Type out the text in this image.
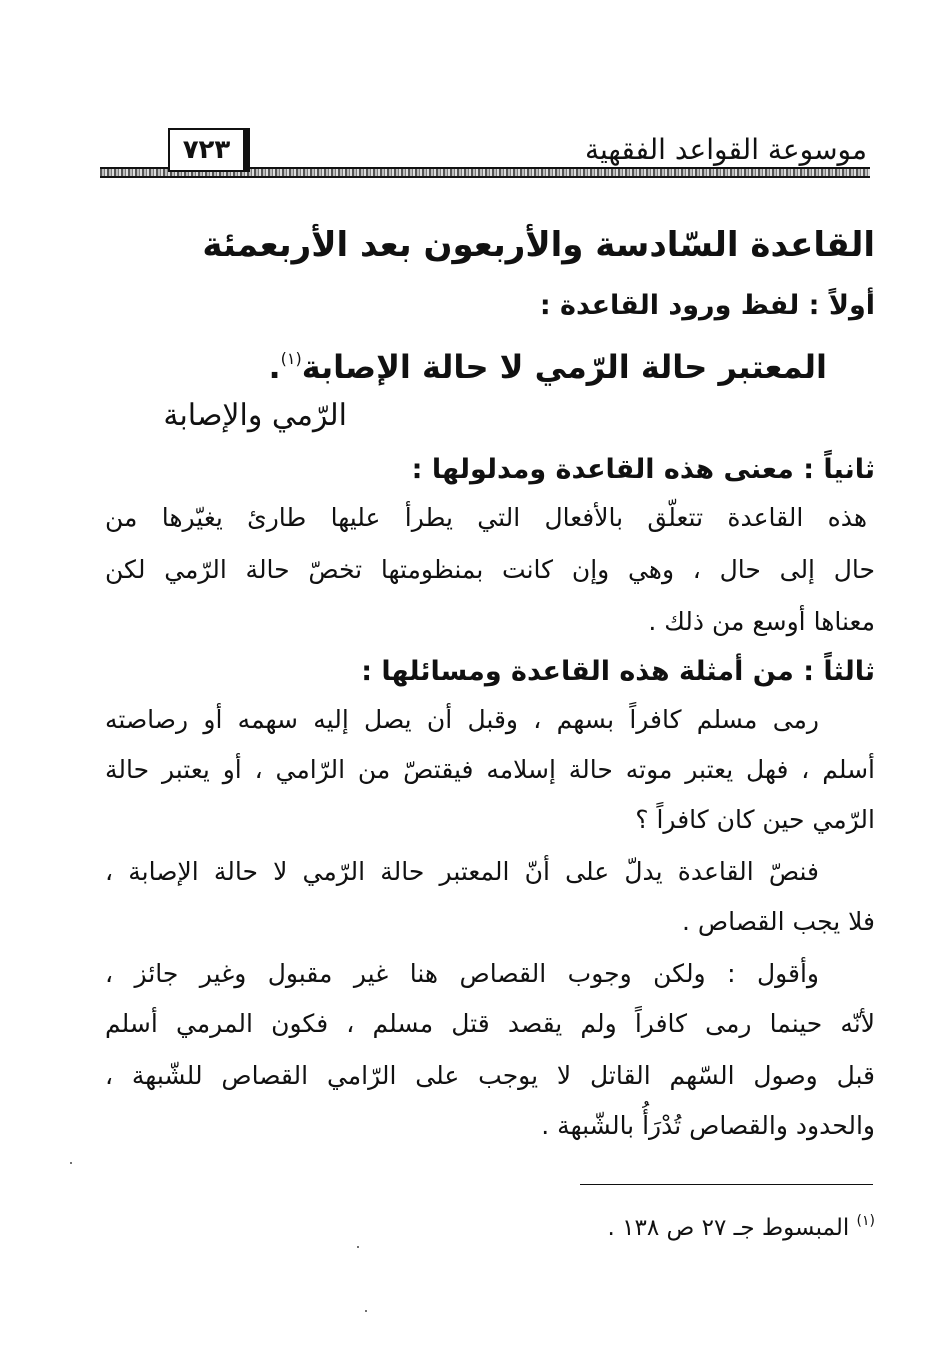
موسوعة القواعد الفقهية
٧٢٣
القاعدة السّادسة والأربعون بعد الأربعمئة
أولاً : لفظ ورود القاعدة :
المعتبر حالة الرّمي لا حالة الإصابة$^{(١)}$.
الرّمي والإصابة
ثانياً : معنى هذه القاعدة ومدلولها :
هذه القاعدة تتعلّق بالأفعال التي يطرأ عليها طارئ يغيّرها من
حال إلى حال ، وهي وإن كانت بمنظومتها تخصّ حالة الرّمي لكن
معناها أوسع من ذلك .
ثالثاً : من أمثلة هذه القاعدة ومسائلها :
رمى مسلم كافراً بسهم ، وقبل أن يصل إليه سهمه أو رصاصته
أسلم ، فهل يعتبر موته حالة إسلامه فيقتصّ من الرّامي ، أو يعتبر حالة
الرّمي حين كان كافراً ؟
فنصّ القاعدة يدلّ على أنّ المعتبر حالة الرّمي لا حالة الإصابة ،
فلا يجب القصاص .
وأقول : ولكن وجوب القصاص هنا غير مقبول وغير جائز ،
لأنّه حينما رمى كافراً ولم يقصد قتل مسلم ، فكون المرمي أسلم
قبل وصول السّهم القاتل لا يوجب على الرّامي القصاص للشّبهة ،
والحدود والقصاص تُدْرَأُ بالشّبهة .
$^{(١)}$ المبسوط جـ ٢٧ ص ١٣٨ .
